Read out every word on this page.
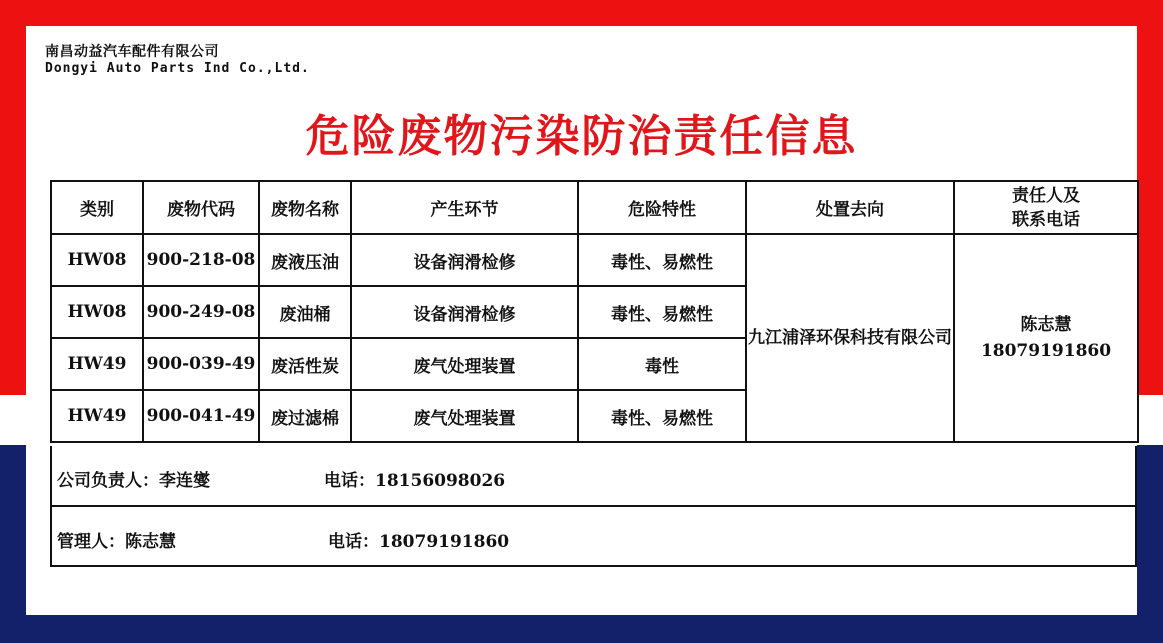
南昌动益汽车配件有限公司
Dongyi Auto Parts Ind Co.,Ltd.
危险废物污染防治责任信息
类别	废物代码	废物名称	产生环节	危险特性	处置去向	责任人及
联系电话
HW08	900-218-08	废液压油	设备润滑检修	毒性、易燃性	九江浦泽环保科技有限公司	陈志慧
18079191860

HW08	900-249-08	废油桶	设备润滑检修	毒性、易燃性		
HW49	900-039-49	废活性炭	废气处理装置	毒性		
HW49	900-041-49	废过滤棉	废气处理装置	毒性、易燃性		
公司负责人：李连燮	电话：18156098026
管理人：陈志慧	电话：18079191860
